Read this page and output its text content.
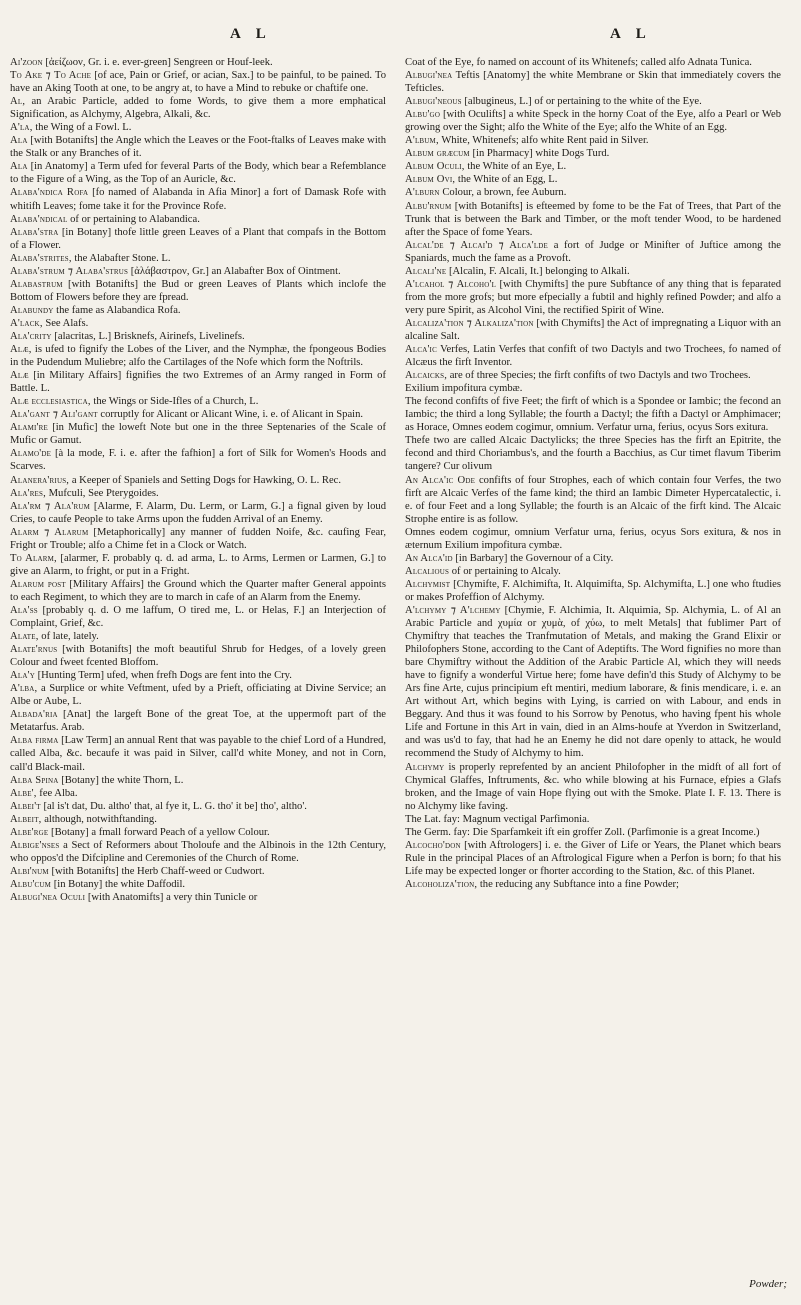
A L	A L

Ai'zoon [ἀείζωον, Gr. i. e. ever-green] Sengreen or Houf-leek.

To Ake ⁊ To Ache [of ace, Pain or Grief, or acian, Sax.] to be painful, to be pained. To have an Aking Tooth at one, to be angry at, to have a Mind to rebuke or chaftife one.

Al, an Arabic Particle, added to fome Words, to give them a more emphatical Signification, as Alchymy, Algebra, Alkali, &c.

A'la, the Wing of a Fowl. L.

Ala [with Botanifts] the Angle which the Leaves or the Foot-ftalks of Leaves make with the Stalk or any Branches of it.

Ala [in Anatomy] a Term ufed for feveral Parts of the Body, which bear a Refemblance to the Figure of a Wing, as the Top of an Auricle, &c.

Alaba'ndica Rofa [fo named of Alabanda in Afia Minor] a fort of Damask Rofe with whitifh Leaves; fome take it for the Province Rofe.

Alaba'ndical of or pertaining to Alabandica.

Alaba'stra [in Botany] thofe little green Leaves of a Plant that compafs in the Bottom of a Flower.

Alaba'strites, the Alabafter Stone. L.

Alaba'strum ⁊ Alaba'strus [ἀλάβαστρον, Gr.] an Alabafter Box of Ointment.

Alabastrum [with Botanifts] the Bud or green Leaves of Plants which inclofe the Bottom of Flowers before they are fpread.

Alabundy the fame as Alabandica Rofa.

A'lack, See Alafs.

Ala'crity [alacritas, L.] Brisknefs, Airinefs, Livelinefs.

Alæ, is ufed to fignify the Lobes of the Liver, and the Nymphæ, the fpongeous Bodies in the Pudendum Muliebre; alfo the Cartilages of the Nofe which form the Noftrils.

Alæ [in Military Affairs] fignifies the two Extremes of an Army ranged in Form of Battle. L.

Alæ ecclesiastica, the Wings or Side-Ifles of a Church, L.

Ala'gant ⁊ Ali'gant corruptly for Alicant or Alicant Wine, i. e. of Alicant in Spain.

Alami're [in Mufic] the loweft Note but one in the three Septenaries of the Scale of Mufic or Gamut.

Alamo'de [à la mode, F. i. e. after the fafhion] a fort of Silk for Women's Hoods and Scarves.

Alanera'rius, a Keeper of Spaniels and Setting Dogs for Hawking, O. L. Rec.

Ala'res, Mufculi, See Pterygoides.

Ala'rm ⁊ Ala'rum [Alarme, F. Alarm, Du. Lerm, or Larm, G.] a fignal given by loud Cries, to caufe People to take Arms upon the fudden Arrival of an Enemy.

Alarm ⁊ Alarum [Metaphorically] any manner of fudden Noife, &c. caufing Fear, Fright or Trouble; alfo a Chime fet in a Clock or Watch.

To Alarm, [alarmer, F. probably q. d. ad arma, L. to Arms, Lermen or Larmen, G.] to give an Alarm, to fright, or put in a Fright.

Alarum post [Military Affairs] the Ground which the Quarter mafter General appoints to each Regiment, to which they are to march in cafe of an Alarm from the Enemy.

Ala'ss [probably q. d. O me laffum, O tired me, L. or Helas, F.] an Interjection of Complaint, Grief, &c.

Alate, of late, lately.

Alate'rnus [with Botanifts] the moft beautiful Shrub for Hedges, of a lovely green Colour and fweet fcented Bloffom.

Ala'y [Hunting Term] ufed, when frefh Dogs are fent into the Cry.

A'lba, a Surplice or white Veftment, ufed by a Prieft, officiating at Divine Service; an Albe or Aube, L.

Albada'ria [Anat] the largeft Bone of the great Toe, at the uppermoft part of the Metatarfus. Arab.

Alba firma [Law Term] an annual Rent that was payable to the chief Lord of a Hundred, called Alba, &c. becaufe it was paid in Silver, call'd white Money, and not in Corn, call'd Black-mail.

Alba Spina [Botany] the white Thorn, L.

Albe', fee Alba.

Albei't [al is't dat, Du. altho' that, al fye it, L. G. tho' it be] tho', altho'.

Albeit, although, notwithftanding.

Albe'rge [Botany] a fmall forward Peach of a yellow Colour.

Albige'nses a Sect of Reformers about Tholoufe and the Albinois in the 12th Century, who oppos'd the Difcipline and Ceremonies of the Church of Rome.

Albi'num [with Botanifts] the Herb Chaff-weed or Cudwort.

Albu'cum [in Botany] the white Daffodil.

Albugi'nea Oculi [with Anatomifts] a very thin Tunicle or

Coat of the Eye, fo named on account of its Whitenefs; called alfo Adnata Tunica.

Albugi'nea Teftis [Anatomy] the white Membrane or Skin that immediately covers the Tefticles.

Albugi'neous [albugineus, L.] of or pertaining to the white of the Eye.

Albu'go [with Oculifts] a white Speck in the horny Coat of the Eye, alfo a Pearl or Web growing over the Sight; alfo the White of the Eye; alfo the White of an Egg.

A'lbum, White, Whitenefs; alfo white Rent paid in Silver.

Album græcum [in Pharmacy] white Dogs Turd.

Album Oculi, the White of an Eye, L.

Album Ovi, the White of an Egg, L.

A'lburn Colour, a brown, fee Auburn.

Albu'rnum [with Botanifts] is efteemed by fome to be the Fat of Trees, that Part of the Trunk that is between the Bark and Timber, or the moft tender Wood, to be hardened after the Space of fome Years.

Alcal'de ⁊ Alcai'd ⁊ Alca'lde a fort of Judge or Minifter of Juftice among the Spaniards, much the fame as a Provoft.

Alcali'ne [Alcalin, F. Alcali, It.] belonging to Alkali.

A'lcahol ⁊ Alcoho'l [with Chymifts] the pure Subftance of any thing that is feparated from the more grofs; but more efpecially a fubtil and highly refined Powder; and alfo a very pure Spirit, as Alcohol Vini, the rectified Spirit of Wine.

Alcaliza'tion ⁊ Alkaliza'tion [with Chymifts] the Act of impregnating a Liquor with an alcaline Salt.

Alca'ic Verfes, Latin Verfes that confift of two Dactyls and two Trochees, fo named of Alcæus the firft Inventor.

Alcaicks, are of three Species; the firft confifts of two Dactyls and two Trochees.

Exilium impofitura cymbæ.

The fecond confifts of five Feet; the firft of which is a Spondee or Iambic; the fecond an Iambic; the third a long Syllable; the fourth a Dactyl; the fifth a Dactyl or Amphimacer; as Horace, Omnes eodem cogimur, omnium. Verfatur urna, ferius, ocyus Sors exitura.

Thefe two are called Alcaic Dactylicks; the three Species has the firft an Epitrite, the fecond and third Choriambus's, and the fourth a Bacchius, as Cur timet flavum Tiberim tangere? Cur olivum

An Alca'ic Ode confifts of four Strophes, each of which contain four Verfes, the two firft are Alcaic Verfes of the fame kind; the third an Iambic Dimeter Hypercatalectic, i. e. of four Feet and a long Syllable; the fourth is an Alcaic of the firft kind. The Alcaic Strophe entire is as follow.

Omnes eodem cogimur, omnium Verfatur urna, ferius, ocyus Sors exitura, & nos in æternum Exilium impofitura cymbæ.

An Alca'id [in Barbary] the Governour of a City.

Alcalious of or pertaining to Alcaly.

Alchymist [Chymifte, F. Alchimifta, It. Alquimifta, Sp. Alchymifta, L.] one who ftudies or makes Profeffion of Alchymy.

A'lchymy ⁊ A'lchemy [Chymie, F. Alchimia, It. Alquimia, Sp. Alchymia, L. of Al an Arabic Particle and χυμία or χυμὰ, of χύω, to melt Metals] that fublimer Part of Chymiftry that teaches the Tranfmutation of Metals, and making the Grand Elixir or Philofophers Stone, according to the Cant of Adeptifts. The Word fignifies no more than bare Chymiftry without the Addition of the Arabic Particle Al, which they will needs have to fignify a wonderful Virtue here; fome have defin'd this Study of Alchymy to be Ars fine Arte, cujus principium eft mentiri, medium laborare, & finis mendicare, i. e. an Art without Art, which begins with Lying, is carried on with Labour, and ends in Beggary. And thus it was found to his Sorrow by Penotus, who having fpent his whole Life and Fortune in this Art in vain, died in an Alms-houfe at Yverdon in Switzerland, and was us'd to fay, that had he an Enemy he did not dare openly to attack, he would recommend the Study of Alchymy to him.

Alchymy is properly reprefented by an ancient Philofopher in the midft of all fort of Chymical Glaffes, Inftruments, &c. who while blowing at his Furnace, efpies a Glafs broken, and the Image of vain Hope flying out with the Smoke. Plate I. F. 13. There is no Alchymy like faving.

The Lat. fay: Magnum vectigal Parfimonia.

The Germ. fay: Die Sparfamkeit ift ein groffer Zoll. (Parfimonie is a great Income.)

Alcocho'don [with Aftrologers] i. e. the Giver of Life or Years, the Planet which bears Rule in the principal Places of an Aftrological Figure when a Perfon is born; fo that his Life may be expected longer or fhorter according to the Station, &c. of this Planet.

Alcoholiza'tion, the reducing any Subftance into a fine Powder;

Powder;
